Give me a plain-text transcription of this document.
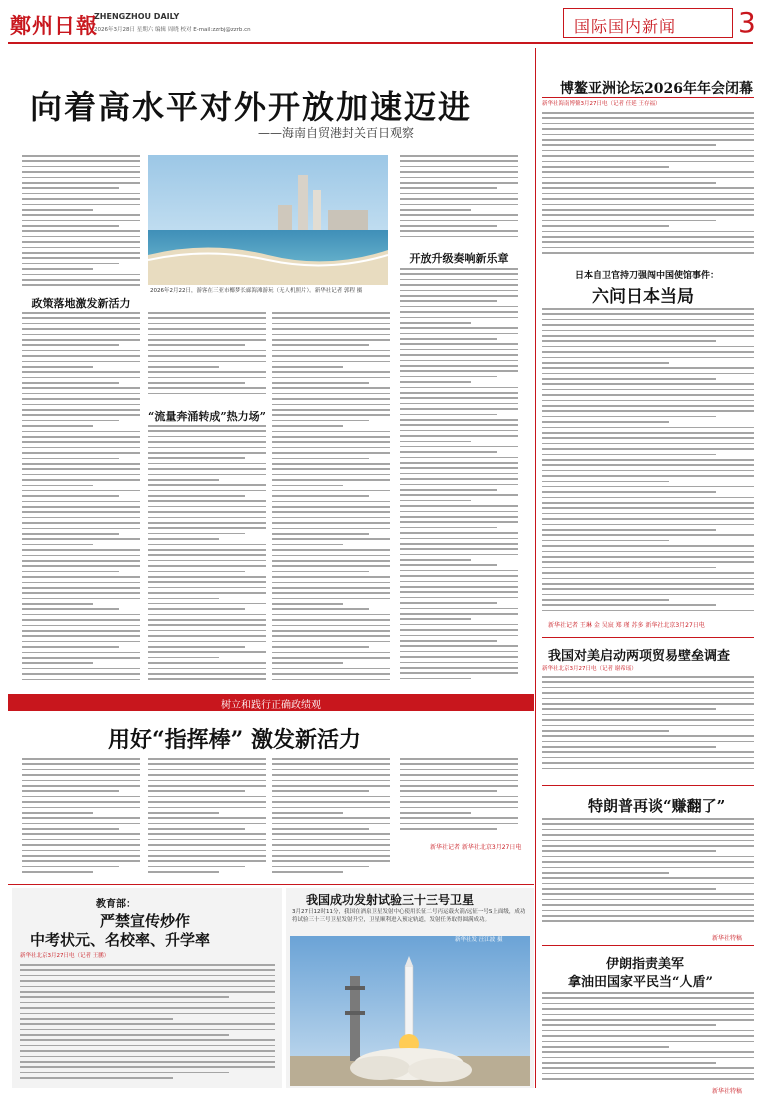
鄭州日報
ZHENGZHOU DAILY
2026年3月28日 星期六 编辑 周晓 校对 E-mail:zzrbj@zzrb.cn	国际国内新闻 3
向着高水平对外开放加速迈进
——海南自贸港封关百日观察
政策落地激发新活力
2026年2月22日，游客在三亚市椰梦长廊海滩游玩（无人机照片）。新华社记者 郭程 摄
“流量奔涌转成”热力场”
开放升级奏响新乐章
博鳌亚洲论坛2026年年会闭幕
新华社海南博鳌3月27日电（记者 任延 王存福）
日本自卫官持刀强闯中国使馆事件：
六问日本当局
新华社记者 王琳 金 吴宸 郑 瑾 苏多 新华社北京3月27日电
我国对美启动两项贸易壁垒调查
新华社北京3月27日电（记者 谢希瑶）
特朗普再谈“赚翻了”
新华社特稿
伊朗指责美军
拿油田国家平民当“人盾”
新华社特稿
树立和践行正确政绩观
用好“指挥棒” 激发新活力
新华社记者 新华社北京3月27日电
教育部：
严禁宣传炒作
中考状元、名校率、升学率
新华社北京3月27日电（记者 王鹏）
我国成功发射试验三十三号卫星
3月27日12时11分，我国在酒泉卫星发射中心使用长征二号丙运载火箭/远征一号S上面级，成功将试验三十三号卫星发射升空，卫星顺利进入预定轨道，发射任务取得圆满成功。
新华社发 汪江波 摄
